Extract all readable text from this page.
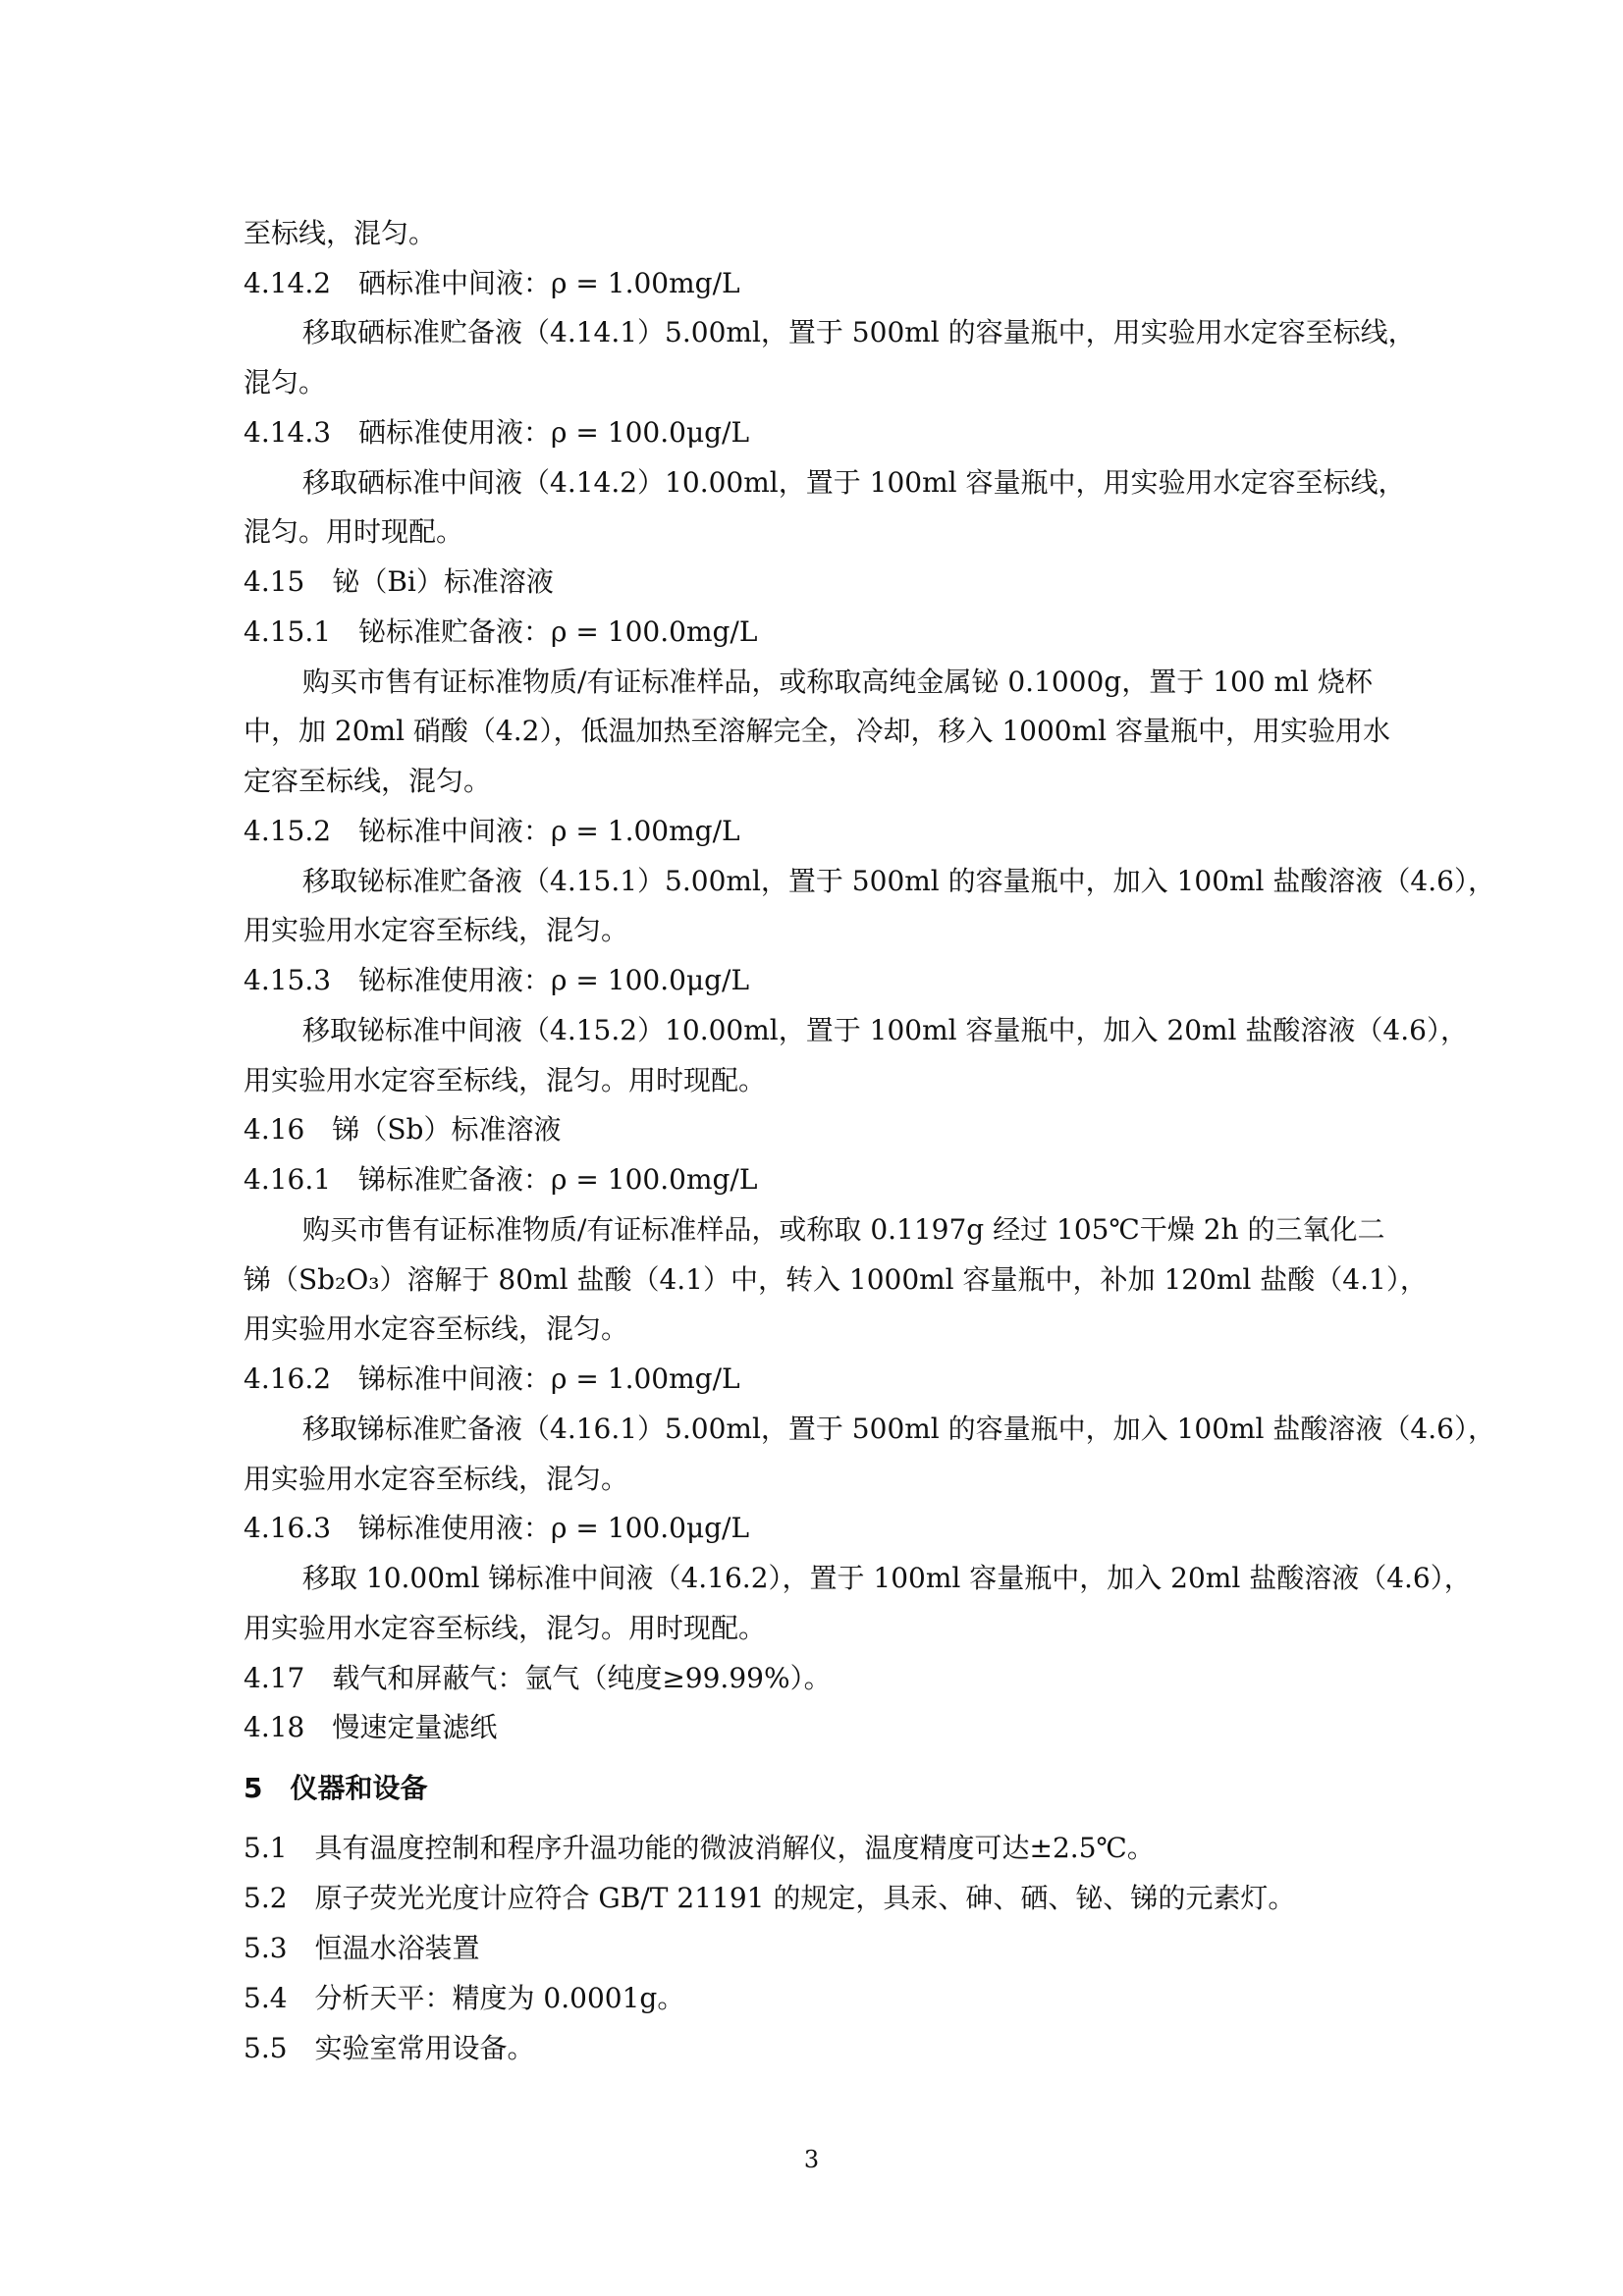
至标线，混匀。
4.14.2　硒标准中间液：ρ = 1.00mg/L
移取硒标准贮备液（4.14.1）5.00ml，置于 500ml 的容量瓶中，用实验用水定容至标线，
混匀。
4.14.3　硒标准使用液：ρ = 100.0μg/L
移取硒标准中间液（4.14.2）10.00ml，置于 100ml 容量瓶中，用实验用水定容至标线，
混匀。用时现配。
4.15　铋（Bi）标准溶液
4.15.1　铋标准贮备液：ρ = 100.0mg/L
购买市售有证标准物质/有证标准样品，或称取高纯金属铋 0.1000g，置于 100 ml 烧杯
中，加 20ml 硝酸（4.2），低温加热至溶解完全，冷却，移入 1000ml 容量瓶中，用实验用水
定容至标线，混匀。
4.15.2　铋标准中间液：ρ = 1.00mg/L
移取铋标准贮备液（4.15.1）5.00ml，置于 500ml 的容量瓶中，加入 100ml 盐酸溶液（4.6），
用实验用水定容至标线，混匀。
4.15.3　铋标准使用液：ρ = 100.0μg/L
移取铋标准中间液（4.15.2）10.00ml，置于 100ml 容量瓶中，加入 20ml 盐酸溶液（4.6），
用实验用水定容至标线，混匀。用时现配。
4.16　锑（Sb）标准溶液
4.16.1　锑标准贮备液：ρ = 100.0mg/L
购买市售有证标准物质/有证标准样品，或称取 0.1197g 经过 105℃干燥 2h 的三氧化二
锑（Sb₂O₃）溶解于 80ml 盐酸（4.1）中，转入 1000ml 容量瓶中，补加 120ml 盐酸（4.1），
用实验用水定容至标线，混匀。
4.16.2　锑标准中间液：ρ = 1.00mg/L
移取锑标准贮备液（4.16.1）5.00ml，置于 500ml 的容量瓶中，加入 100ml 盐酸溶液（4.6），
用实验用水定容至标线，混匀。
4.16.3　锑标准使用液：ρ = 100.0μg/L
移取 10.00ml 锑标准中间液（4.16.2），置于 100ml 容量瓶中，加入 20ml 盐酸溶液（4.6），
用实验用水定容至标线，混匀。用时现配。
4.17　载气和屏蔽气：氩气（纯度≥99.99%）。
4.18　慢速定量滤纸
5　仪器和设备
5.1　具有温度控制和程序升温功能的微波消解仪，温度精度可达±2.5℃。
5.2　原子荧光光度计应符合 GB/T 21191 的规定，具汞、砷、硒、铋、锑的元素灯。
5.3　恒温水浴装置
5.4　分析天平：精度为 0.0001g。
5.5　实验室常用设备。
3
